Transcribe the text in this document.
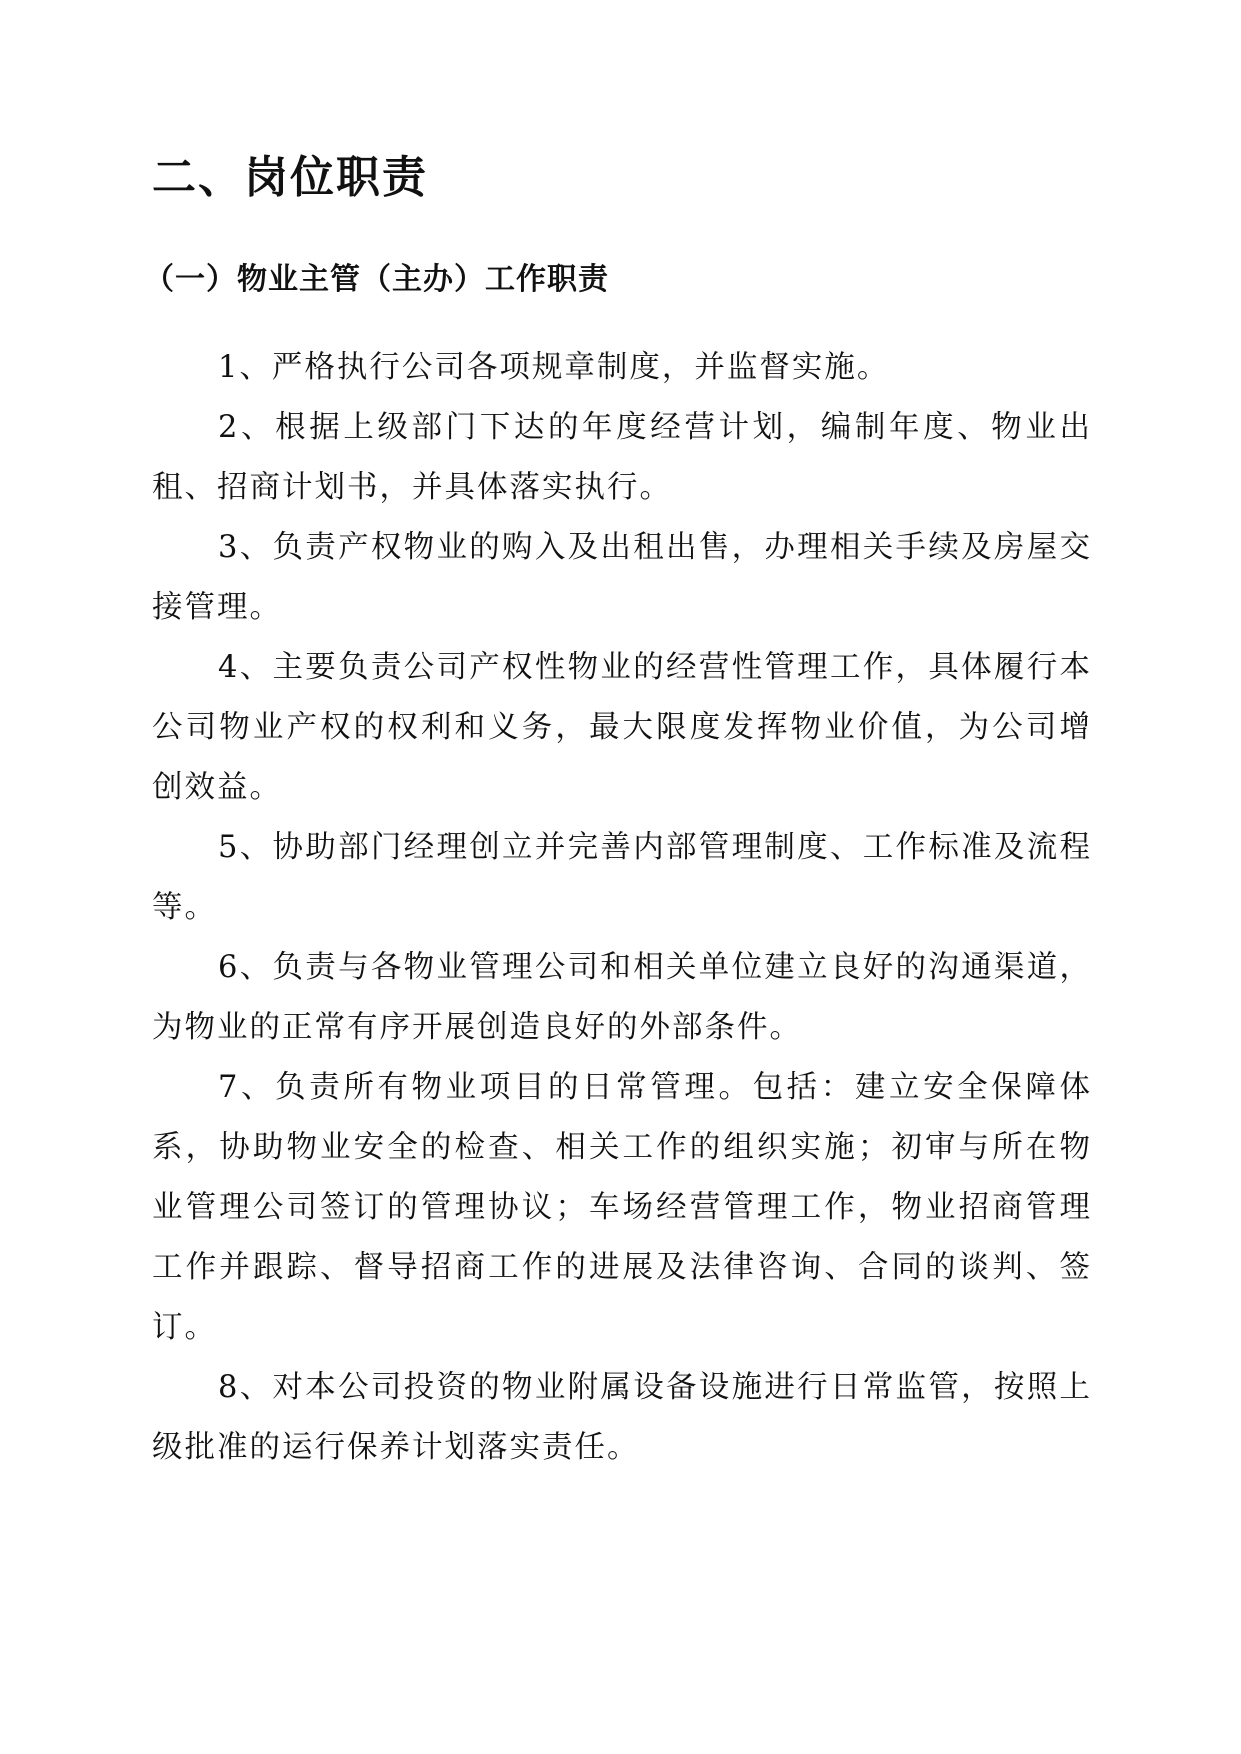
二、岗位职责
（一）物业主管（主办）工作职责

1、严格执行公司各项规章制度，并监督实施。

2、根据上级部门下达的年度经营计划，编制年度、物业出租、招商计划书，并具体落实执行。

3、负责产权物业的购入及出租出售，办理相关手续及房屋交接管理。

4、主要负责公司产权性物业的经营性管理工作，具体履行本公司物业产权的权利和义务，最大限度发挥物业价值，为公司增创效益。

5、协助部门经理创立并完善内部管理制度、工作标准及流程等。

6、负责与各物业管理公司和相关单位建立良好的沟通渠道，为物业的正常有序开展创造良好的外部条件。

7、负责所有物业项目的日常管理。包括：建立安全保障体系，协助物业安全的检查、相关工作的组织实施；初审与所在物业管理公司签订的管理协议；车场经营管理工作，物业招商管理工作并跟踪、督导招商工作的进展及法律咨询、合同的谈判、签订。

8、对本公司投资的物业附属设备设施进行日常监管，按照上级批准的运行保养计划落实责任。
